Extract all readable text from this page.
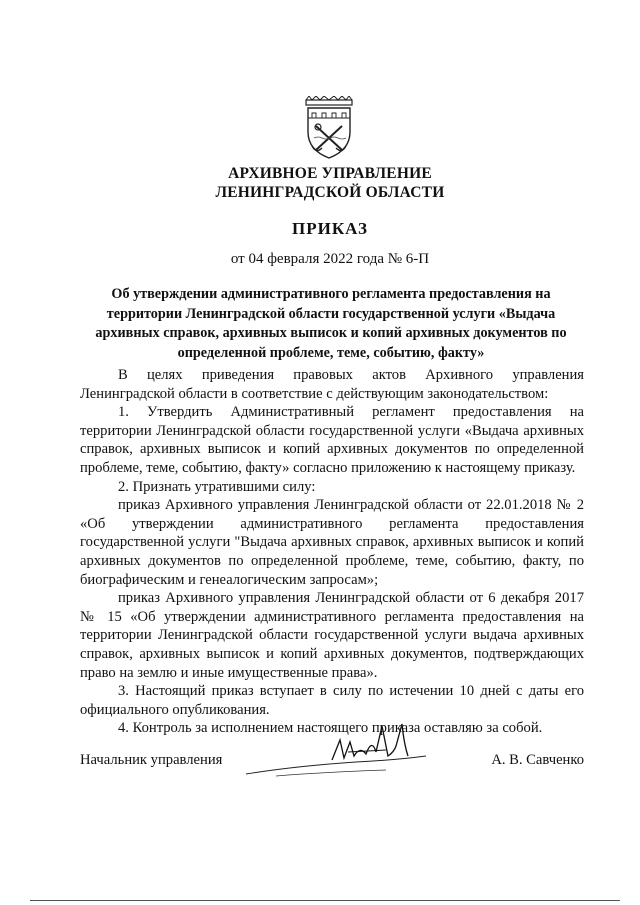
АРХИВНОЕ УПРАВЛЕНИЕ
ЛЕНИНГРАДСКОЙ ОБЛАСТИ
ПРИКАЗ
от 04 февраля 2022 года № 6-П
Об утверждении административного регламента предоставления на территории Ленинградской области государственной услуги «Выдача архивных справок, архивных выписок и копий архивных документов по определенной проблеме, теме, событию, факту»

В целях приведения правовых актов Архивного управления Ленинградской области в соответствие с действующим законодательством:

1. Утвердить Административный регламент предоставления на территории Ленинградской области государственной услуги «Выдача архивных справок, архивных выписок и копий архивных документов по определенной проблеме, теме, событию, факту» согласно приложению к настоящему приказу.

2. Признать утратившими силу:

приказ Архивного управления Ленинградской области от 22.01.2018 № 2 «Об утверждении административного регламента предоставления государственной услуги "Выдача архивных справок, архивных выписок и копий архивных документов по определенной проблеме, теме, событию, факту, по биографическим и генеалогическим запросам»;

приказ Архивного управления Ленинградской области от 6 декабря 2017 № 15 «Об утверждении административного регламента предоставления на территории Ленинградской области государственной услуги выдача архивных справок, архивных выписок и копий архивных документов, подтверждающих право на землю и иные имущественные права».

3. Настоящий приказ вступает в силу по истечении 10 дней с даты его официального опубликования.

4. Контроль за исполнением настоящего приказа оставляю за собой.

Начальник управления	А. В. Савченко
